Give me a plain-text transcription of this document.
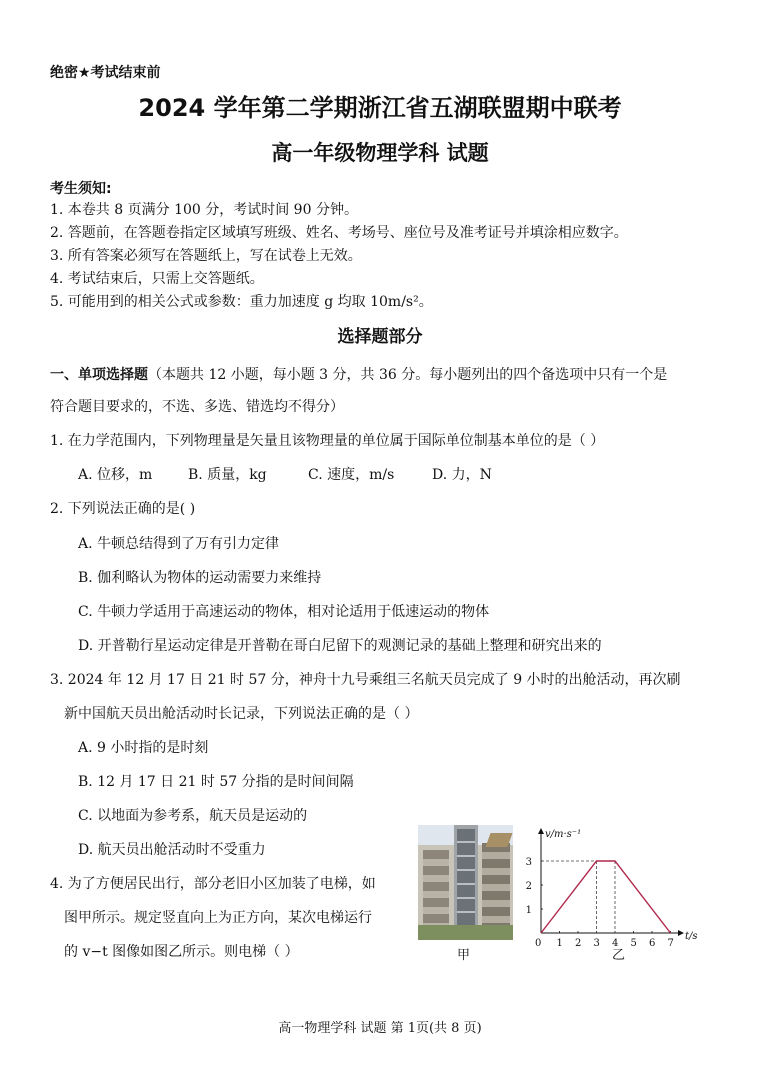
绝密★考试结束前
2024 学年第二学期浙江省五湖联盟期中联考
高一年级物理学科 试题
考生须知:
1. 本卷共 8 页满分 100 分，考试时间 90 分钟。
2. 答题前，在答题卷指定区域填写班级、姓名、考场号、座位号及准考证号并填涂相应数字。
3. 所有答案必须写在答题纸上，写在试卷上无效。
4. 考试结束后，只需上交答题纸。
5. 可能用到的相关公式或参数：重力加速度 g 均取 10m/s²。
选择题部分
一、单项选择题（本题共 12 小题，每小题 3 分，共 36 分。每小题列出的四个备选项中只有一个是
符合题目要求的，不选、多选、错选均不得分）
1. 在力学范围内，下列物理量是矢量且该物理量的单位属于国际单位制基本单位的是（ ）
A. 位移，m	B. 质量，kg	C. 速度，m/s	D. 力，N
2. 下列说法正确的是( )
A. 牛顿总结得到了万有引力定律
B. 伽利略认为物体的运动需要力来维持
C. 牛顿力学适用于高速运动的物体，相对论适用于低速运动的物体
D. 开普勒行星运动定律是开普勒在哥白尼留下的观测记录的基础上整理和研究出来的
3. 2024 年 12 月 17 日 21 时 57 分，神舟十九号乘组三名航天员完成了 9 小时的出舱活动，再次刷
新中国航天员出舱活动时长记录，下列说法正确的是（ ）
A. 9 小时指的是时刻
B. 12 月 17 日 21 时 57 分指的是时间间隔
C. 以地面为参考系，航天员是运动的
D. 航天员出舱活动时不受重力
4. 为了方便居民出行，部分老旧小区加装了电梯，如
图甲所示。规定竖直向上为正方向，某次电梯运行
的 v−t 图像如图乙所示。则电梯（ ）	甲
v/m·s⁻¹
t/s
0 1 2 3 4 5 6 7
1
2
3
乙
高一物理学科 试题 第 1页(共 8 页)
